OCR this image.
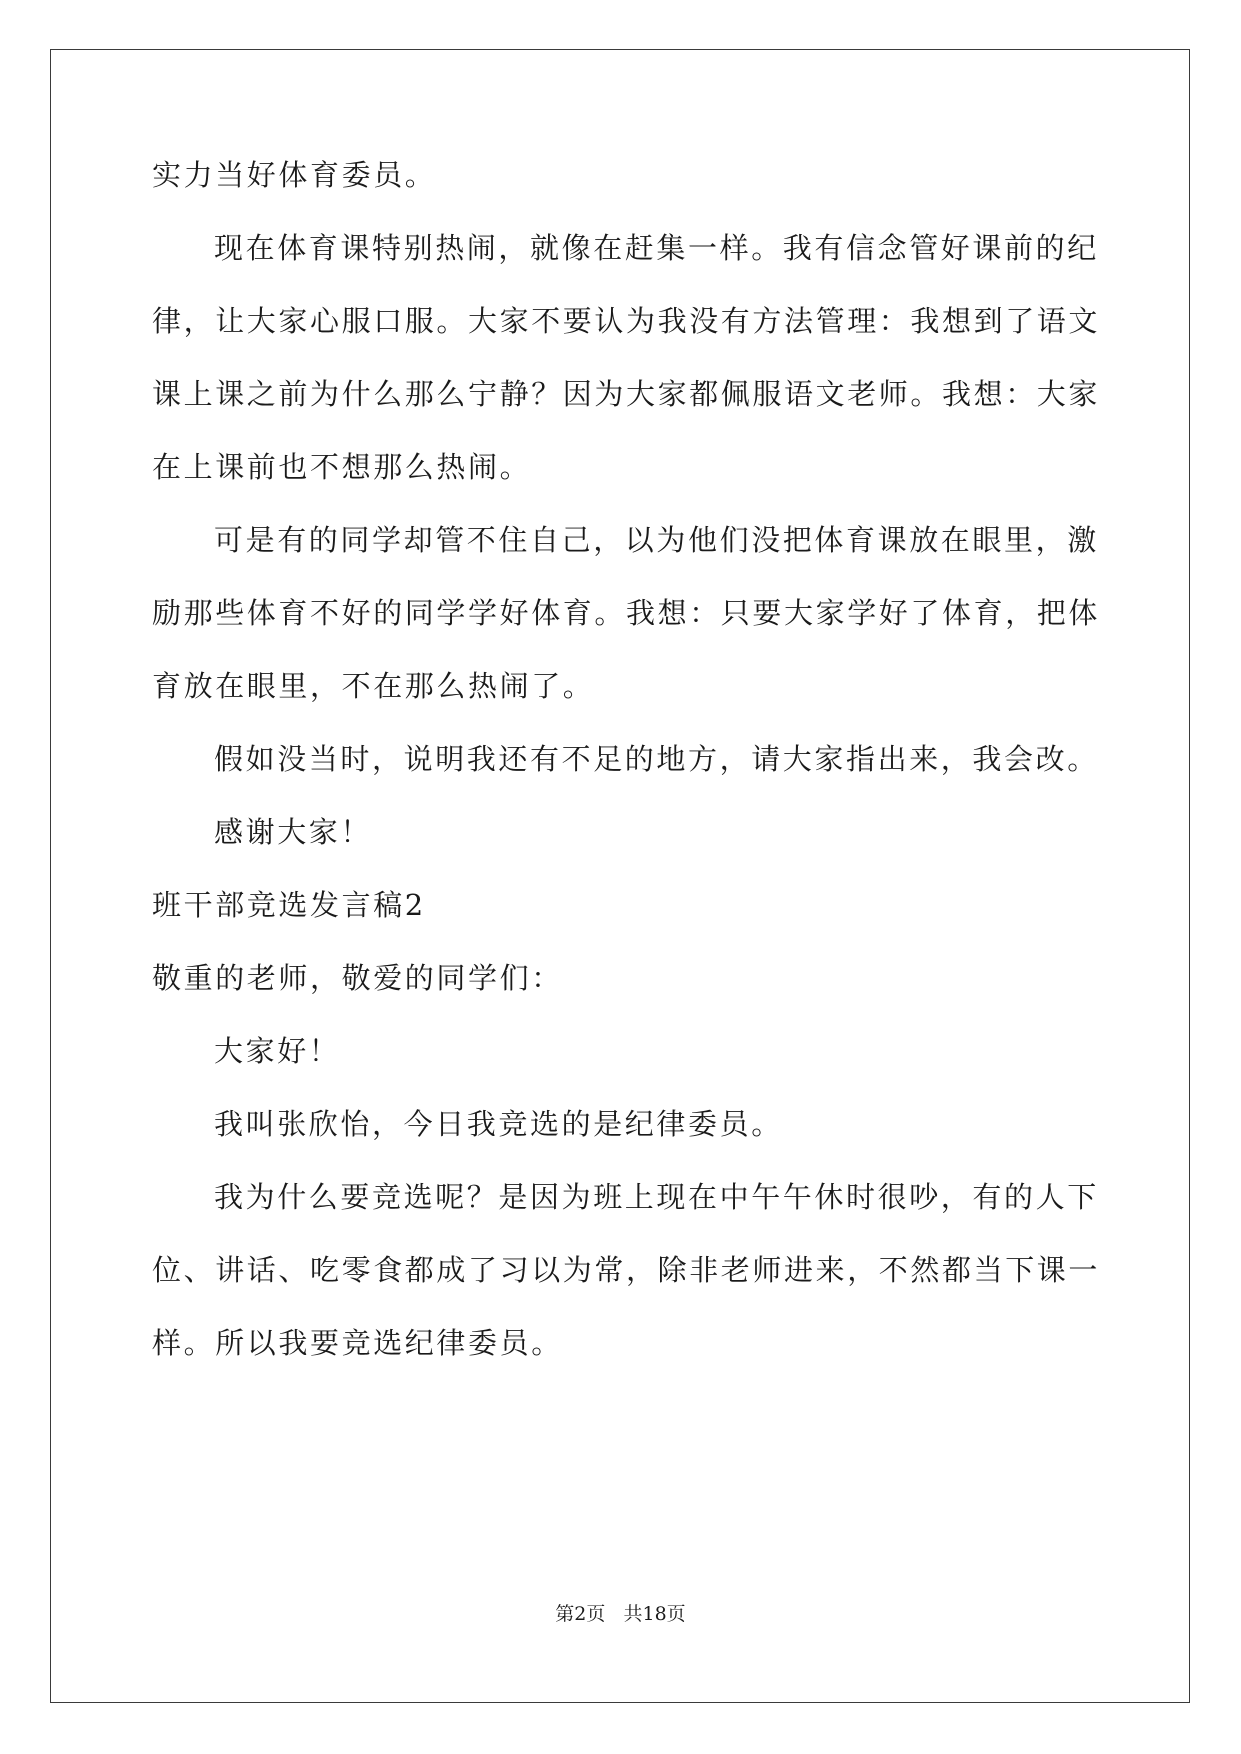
实力当好体育委员。
现在体育课特别热闹，就像在赶集一样。我有信念管好课前的纪
律，让大家心服口服。大家不要认为我没有方法管理：我想到了语文
课上课之前为什么那么宁静？因为大家都佩服语文老师。我想：大家
在上课前也不想那么热闹。
可是有的同学却管不住自己，以为他们没把体育课放在眼里，激
励那些体育不好的同学学好体育。我想：只要大家学好了体育，把体
育放在眼里，不在那么热闹了。
假如没当时，说明我还有不足的地方，请大家指出来，我会改。
感谢大家！
班干部竞选发言稿2
敬重的老师，敬爱的同学们：
大家好！
我叫张欣怡，今日我竞选的是纪律委员。
我为什么要竞选呢？是因为班上现在中午午休时很吵，有的人下
位、讲话、吃零食都成了习以为常，除非老师进来，不然都当下课一
样。所以我要竞选纪律委员。
第2页   共18页
